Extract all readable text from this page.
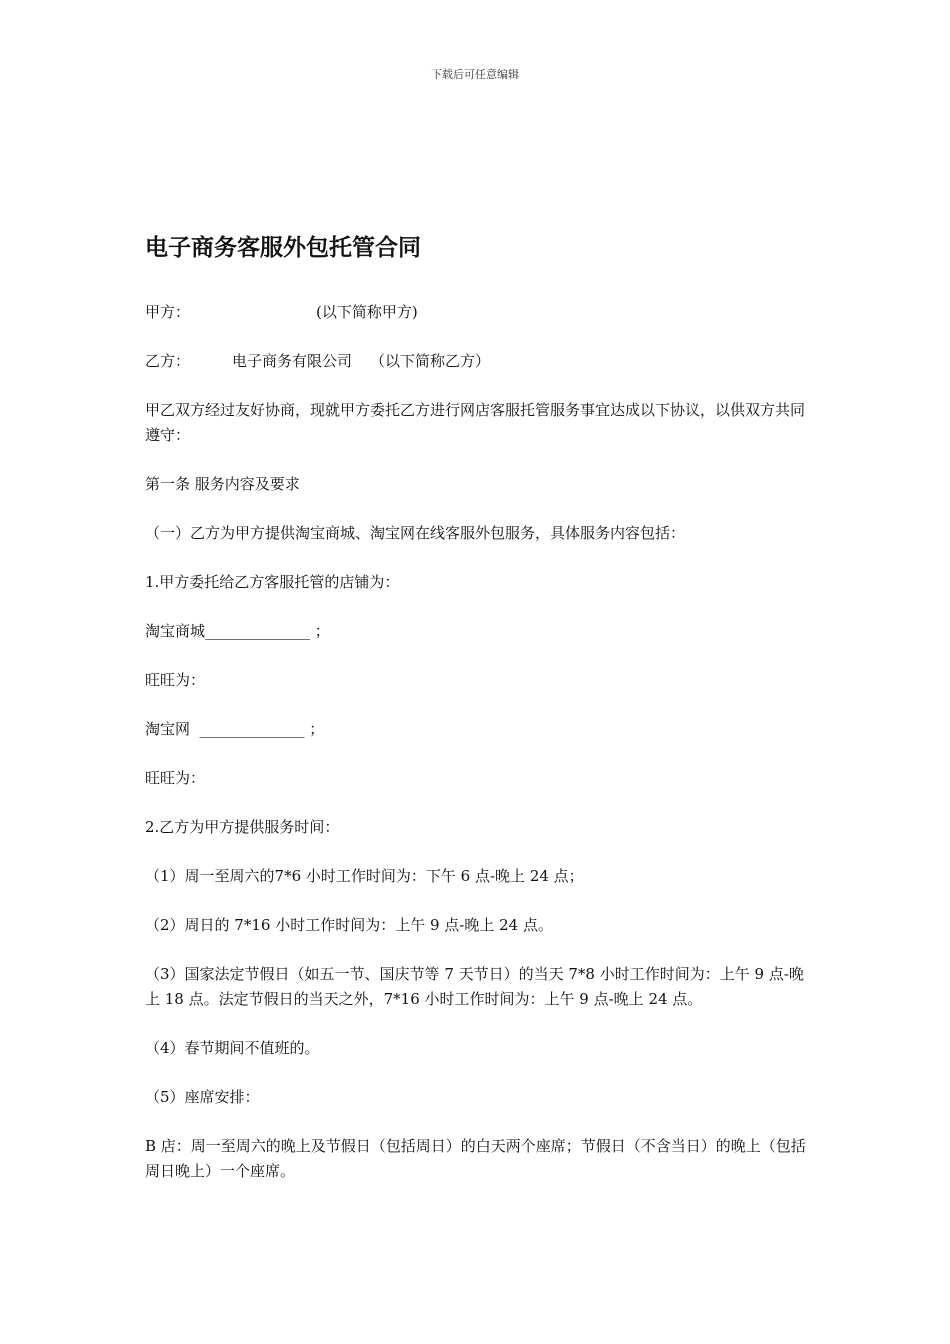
下载后可任意编辑
电子商务客服外包托管合同

甲方：	(以下简称甲方)

乙方：	电子商务有限公司 （以下简称乙方）

甲乙双方经过友好协商，现就甲方委托乙方进行网店客服托管服务事宜达成以下协议，以供双方共同遵守：

第一条 服务内容及要求

（一）乙方为甲方提供淘宝商城、淘宝网在线客服外包服务，具体服务内容包括：

1.甲方委托给乙方客服托管的店铺为：

淘宝商城______________ ；

旺旺为：

淘宝网  ______________ ；

旺旺为：

2.乙方为甲方提供服务时间：

（1）周一至周六的7*6 小时工作时间为：下午 6 点-晚上 24 点；

（2）周日的 7*16 小时工作时间为：上午 9 点-晚上 24 点。

（3）国家法定节假日（如五一节、国庆节等 7 天节日）的当天 7*8 小时工作时间为：上午 9 点-晚上 18 点。法定节假日的当天之外，7*16 小时工作时间为：上午 9 点-晚上 24 点。

（4）春节期间不值班的。

（5）座席安排：

B 店：周一至周六的晚上及节假日（包括周日）的白天两个座席；节假日（不含当日）的晚上（包括周日晚上）一个座席。
